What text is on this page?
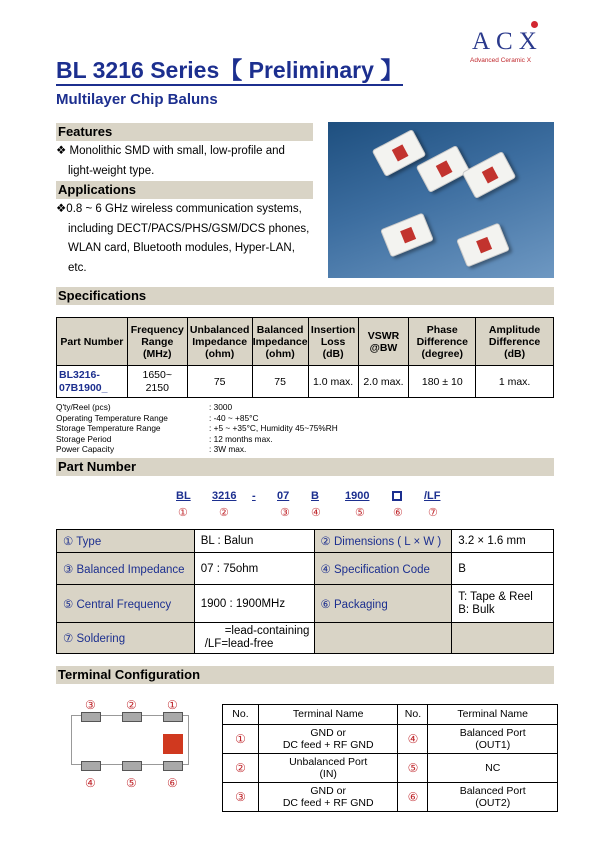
ACX
Advanced Ceramic X
BL 3216 Series【 Preliminary 】
Multilayer Chip Baluns
Features
❖ Monolithic SMD with small, low-profile and
light-weight type.
Applications
❖0.8 ~ 6 GHz wireless communication systems,
including DECT/PACS/PHS/GSM/DCS phones,
WLAN card, Bluetooth modules, Hyper-LAN,
etc.
Specifications
Part Number	Frequency
Range
(MHz)	Unbalanced
Impedance
(ohm)	Balanced
Impedance
(ohm)	Insertion
Loss
(dB)	VSWR
@BW	Phase
Difference
(degree)	Amplitude
Difference
(dB)
BL3216-
07B1900_	1650~
2150	75	75	1.0 max.	2.0 max.	180 ± 10	1 max.
Q'ty/Reel (pcs)	: 3000
Operating Temperature Range	: -40 ~ +85°C
Storage Temperature Range	: +5 ~ +35°C, Humidity 45~75%RH
Storage Period	: 12 months max.
Power Capacity	: 3W max.
Part Number
BL 3216 - 07 B 1900	/LF
①	②	③ ④	⑤	⑥ ⑦
① Type	BL : Balun	② Dimensions ( L × W )	3.2 × 1.6 mm
③ Balanced Impedance	07 : 75ohm	④ Specification Code	B
⑤ Central Frequency	1900 : 1900MHz	⑥ Packaging	T: Tape & Reel
B: Bulk
⑦ Soldering	=lead-containing
/LF=lead-free		
Terminal Configuration
③	②	①
④	⑤	⑥
No.	Terminal Name	No.	Terminal Name
①	GND or
DC feed + RF GND	④	Balanced Port
(OUT1)
②	Unbalanced Port
(IN)	⑤	NC
③	GND or
DC feed + RF GND	⑥	Balanced Port
(OUT2)
